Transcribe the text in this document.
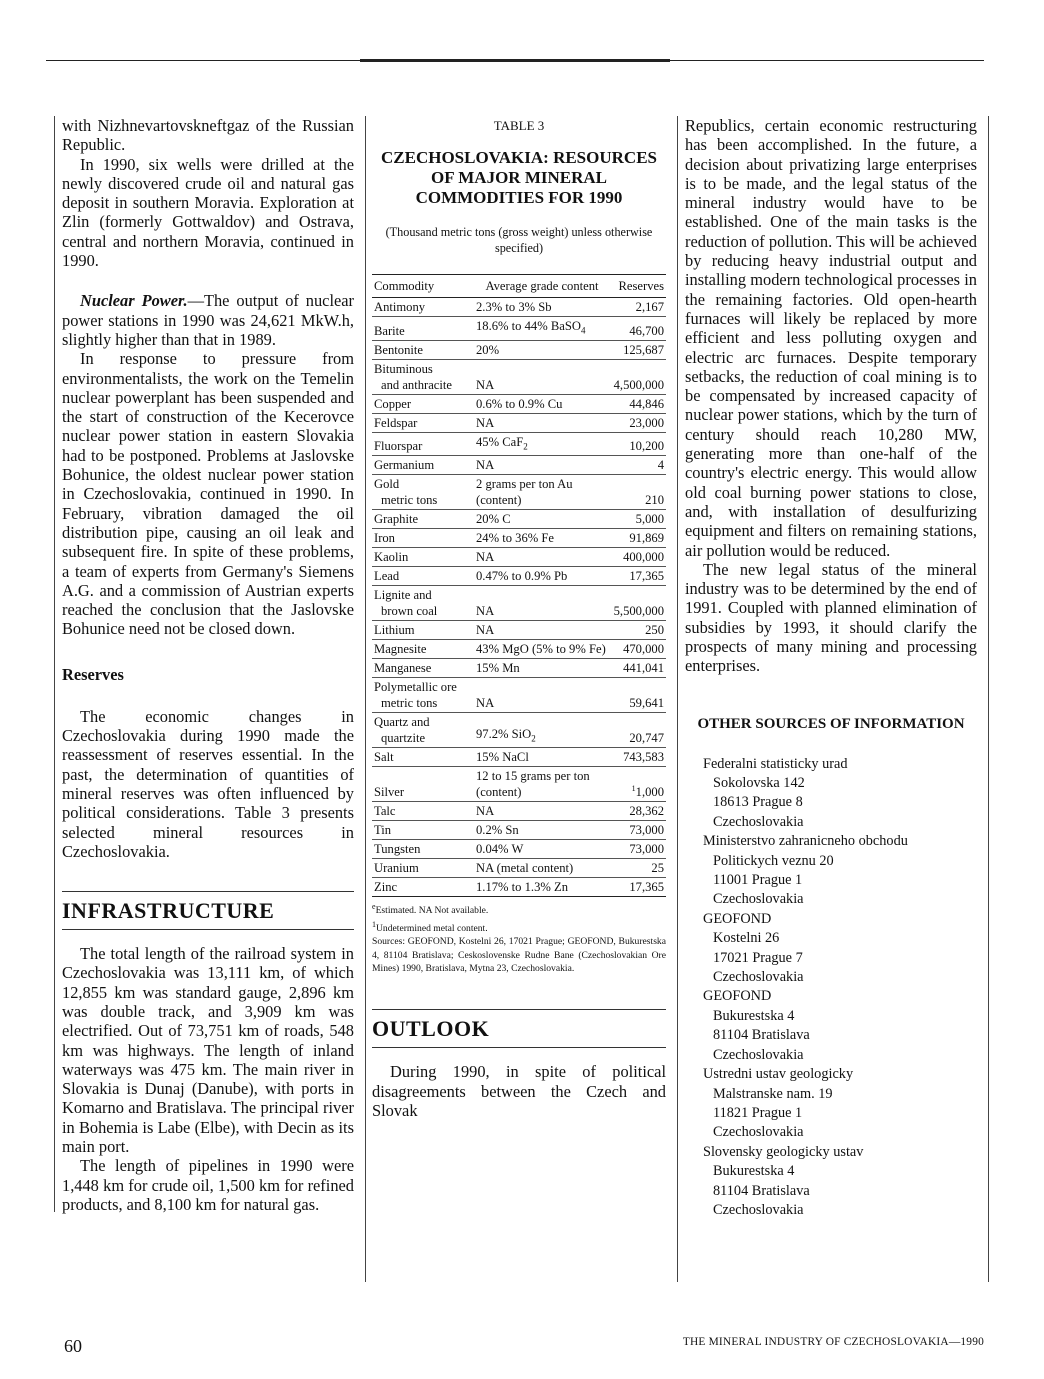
with Nizhnevartovskneftgaz of the Russian Republic.

In 1990, six wells were drilled at the newly discovered crude oil and natural gas deposit in southern Moravia. Exploration at Zlin (formerly Gottwaldov) and Ostrava, central and northern Moravia, continued in 1990.

Nuclear Power.—The output of nuclear power stations in 1990 was 24,621 MkW.h, slightly higher than that in 1989.

In response to pressure from environmentalists, the work on the Temelin nuclear powerplant has been suspended and the start of construction of the Kecerovce nuclear power station in eastern Slovakia had to be postponed. Problems at Jaslovske Bohunice, the oldest nuclear power station in Czechoslovakia, continued in 1990. In February, vibration damaged the oil distribution pipe, causing an oil leak and subsequent fire. In spite of these problems, a team of experts from Germany's Siemens A.G. and a commission of Austrian experts reached the conclusion that the Jaslovske Bohunice need not be closed down.

Reserves

The economic changes in Czechoslovakia during 1990 made the reassessment of reserves essential. In the past, the determination of quantities of mineral reserves was often influenced by political considerations. Table 3 presents selected mineral resources in Czechoslovakia.

INFRASTRUCTURE

The total length of the railroad system in Czechoslovakia was 13,111 km, of which 12,855 km was standard gauge, 2,896 km was double track, and 3,909 km was electrified. Out of 73,751 km of roads, 548 km was highways. The length of inland waterways was 475 km. The main river in Slovakia is Dunaj (Danube), with ports in Komarno and Bratislava. The principal river in Bohemia is Labe (Elbe), with Decin as its main port.

The length of pipelines in 1990 were 1,448 km for crude oil, 1,500 km for refined products, and 8,100 km for natural gas.

TABLE 3
CZECHOSLOVAKIA: RESOURCES OF MAJOR MINERAL COMMODITIES FOR 1990
(Thousand metric tons (gross weight) unless otherwise specified)
Commodity	Average grade content	Reserves

Antimony	2.3% to 3% Sb	2,167

Barite	18.6% to 44% BaSO$_4$	46,700

Bentonite	20%	125,687

Bituminous
and anthracite	NA	4,500,000

Copper	0.6% to 0.9% Cu	44,846

Feldspar	NA	23,000

Fluorspar	45% CaF$_2$	10,200

Germanium	NA	4

Gold
metric tons	2 grams per ton Au (content)	210

Graphite	20% C	5,000

Iron	24% to 36% Fe	91,869

Kaolin	NA	400,000

Lead	0.47% to 0.9% Pb	17,365

Lignite and
brown coal	NA	5,500,000

Lithium	NA	250

Magnesite	43% MgO (5% to 9% Fe)	470,000

Manganese	15% Mn	441,041

Polymetallic ore
metric tons	NA	59,641

Quartz and
quartzite	97.2% SiO$_2$	20,747

Salt	15% NaCl	743,583

Silver	12 to 15 grams per ton (content)	$^1$1,000

Talc	NA	28,362

Tin	0.2% Sn	73,000

Tungsten	0.04% W	73,000

Uranium	NA (metal content)	25

Zinc	1.17% to 1.3% Zn	17,365
$^e$Estimated. NA Not available.
$^1$Undetermined metal content.
Sources: GEOFOND, Kostelni 26, 17021 Prague; GEOFOND, Bukurestska 4, 81104 Bratislava; Ceskoslovenske Rudne Bane (Czechoslovakian Ore Mines) 1990, Bratislava, Mytna 23, Czechoslovakia.
OUTLOOK

During 1990, in spite of political disagreements between the Czech and Slovak

Republics, certain economic restructuring has been accomplished. In the future, a decision about privatizing large enterprises is to be made, and the legal status of the mineral industry would have to be established. One of the main tasks is the reduction of pollution. This will be achieved by reducing heavy industrial output and installing modern technological processes in the remaining factories. Old open-hearth furnaces will likely be replaced by more efficient and less polluting oxygen and electric arc furnaces. Despite temporary setbacks, the reduction of coal mining is to be compensated by increased capacity of nuclear power stations, which by the turn of century should reach 10,280 MW, generating more than one-half of the country's electric energy. This would allow old coal burning power stations to close, and, with installation of desulfurizing equipment and filters on remaining stations, air pollution would be reduced.

The new legal status of the mineral industry was to be determined by the end of 1991. Coupled with planned elimination of subsidies by 1993, it should clarify the prospects of many mining and processing enterprises.

OTHER SOURCES OF INFORMATION
Federalni statisticky urad
Sokolovska 142
18613 Prague 8
Czechoslovakia
Ministerstvo zahranicneho obchodu
Politickych veznu 20
11001 Prague 1
Czechoslovakia
GEOFOND
Kostelni 26
17021 Prague 7
Czechoslovakia
GEOFOND
Bukurestska 4
81104 Bratislava
Czechoslovakia
Ustredni ustav geologicky
Malstranske nam. 19
11821 Prague 1
Czechoslovakia
Slovensky geologicky ustav
Bukurestska 4
81104 Bratislava
Czechoslovakia
60	THE MINERAL INDUSTRY OF CZECHOSLOVAKIA—1990
